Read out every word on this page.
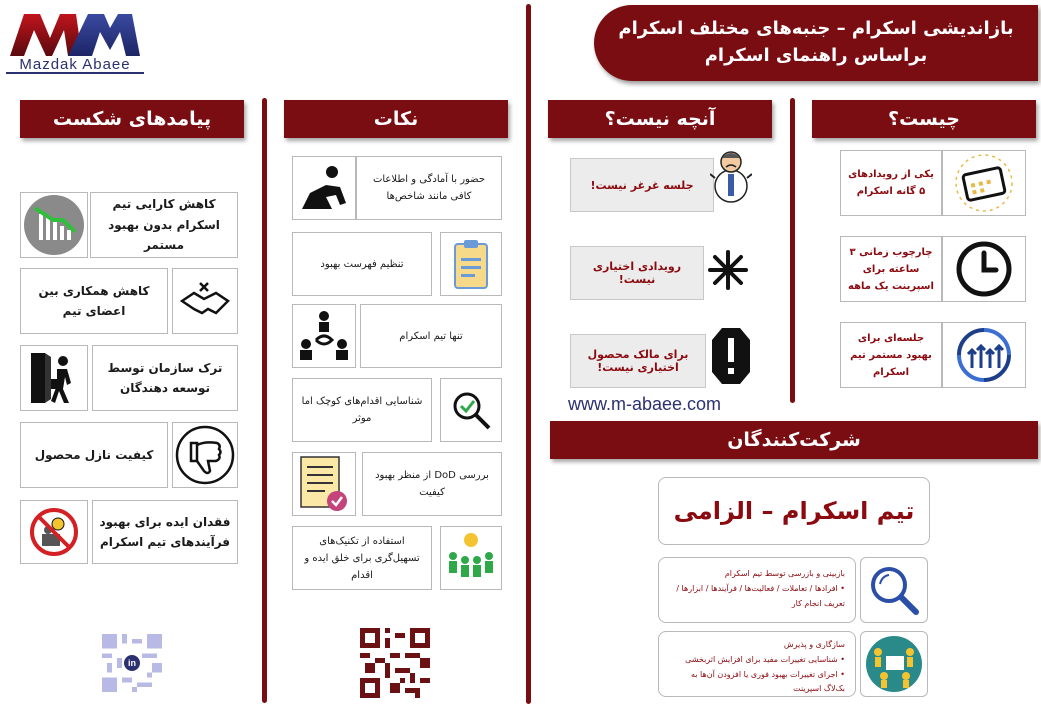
Mazdak Abaee
بازاندیشی اسکرام – جنبه‌های مختلف اسکرام
براساس راهنمای اسکرام
چیست؟
یکی از رویدادهای ۵ گانه اسکرام
چارچوب زمانی ۳ ساعته برای اسپرینت یک ماهه
جلسه‌ای برای بهبود مستمر تیم اسکرام
آنچه نیست؟
جلسه غرغر نیست!
رویدادی اختیاری نیست!
برای مالک محصول اختیاری نیست!
www.m-abaee.com
نکات
حضور با آمادگی و اطلاعات کافی مانند شاخص‌ها
تنظیم فهرست بهبود
تنها تیم اسکرام
شناسایی اقدام‌های کوچک اما موثر
بررسی DoD از منظر بهبود کیفیت
استفاده از تکنیک‌های تسهیل‌گری برای خلق ایده و اقدام
in
پیامدهای شکست
کاهش کارایی تیم اسکرام بدون بهبود مستمر
کاهش همکاری بین اعضای تیم
ترک سازمان توسط توسعه دهندگان
کیفیت نازل محصول
فقدان ایده برای بهبود فرآیندهای تیم اسکرام
شرکت‌کنندگان
تیم اسکرام – الزامی
بازبینی و بازرسی توسط تیم اسکرام
• افرادها / تعاملات / فعالیت‌ها / فرآیندها / ابزارها / تعریف انجام کار
سازگاری و پذیرش
• شناسایی تغییرات مفید برای افزایش اثربخشی
• اجرای تغییرات بهبود فوری یا افزودن آن‌ها به بک‌لاگ اسپرینت
